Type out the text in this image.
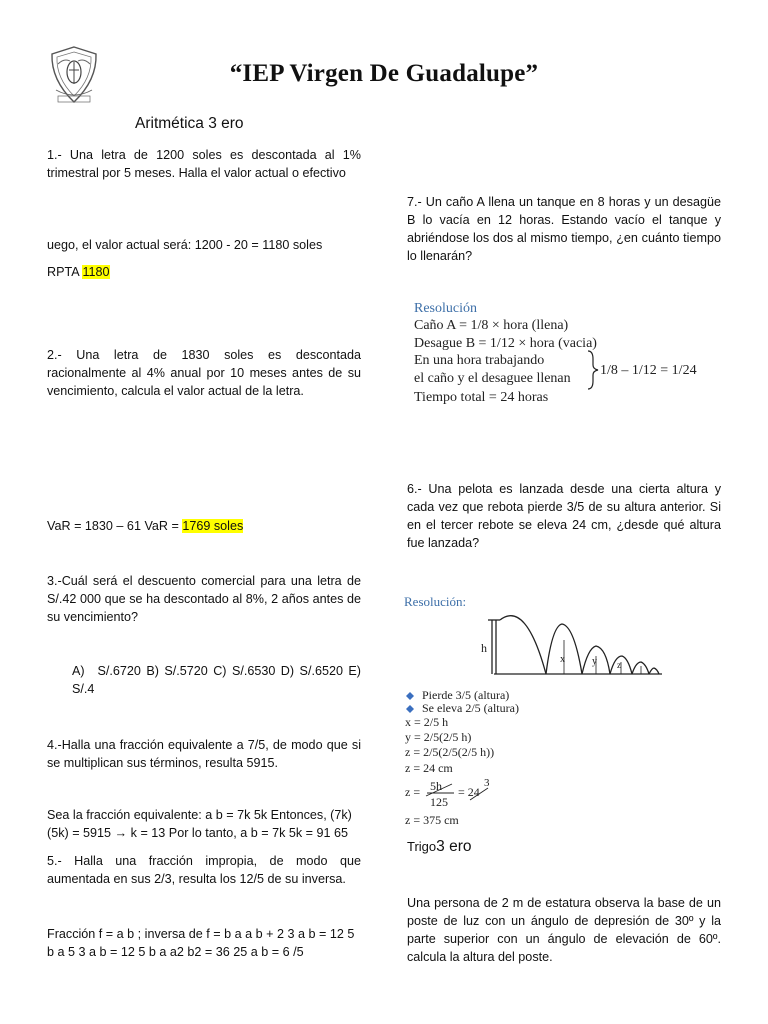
“IEP Virgen De Guadalupe”
Aritmética 3 ero
1.- Una letra de 1200 soles es descontada al 1% trimestral por 5 meses. Halla el valor actual o efectivo
uego, el valor actual será: 1200 - 20 = 1180 soles
RPTA 1180
2.- Una letra de 1830 soles es descontada racionalmente al 4% anual por 10 meses antes de su vencimiento, calcula el valor actual de la letra.
VaR = 1830 – 61 VaR = 1769 soles
3.-Cuál será el descuento comercial para una letra de S/.42 000 que se ha descontado al 8%, 2 años antes de su vencimiento?
A) S/.6720 B) S/.5720 C) S/.6530 D) S/.6520 E) S/.4
4.-Halla una fracción equivalente a 7/5, de modo que si se multiplican sus términos, resulta 5915.
Sea la fracción equivalente: a b = 7k 5k Entonces, (7k)(5k) = 5915 → k = 13 Por lo tanto, a b = 7k 5k = 91 65
5.- Halla una fracción impropia, de modo que aumentada en sus 2/3, resulta los 12/5 de su inversa.
Fracción f = a b ; inversa de f = b a a b + 2 3 a b = 12 5 b a 5 3 a b = 12 5 b a a2 b2 = 36 25 a b = 6 /5
7.- Un caño A llena un tanque en 8 horas y un desagüe B lo vacía en 12 horas. Estando vacío el tanque y abriéndose los dos al mismo tiempo, ¿en cuánto tiempo lo llenarán?
Resolución
Caño A = 1/8 × hora (llena)
Desague B = 1/12 × hora (vacia)
En una hora trabajando
el caño y el desaguee llenan
1/8 – 1/12 = 1/24
Tiempo total = 24 horas
6.- Una pelota es lanzada desde una cierta altura y cada vez que rebota pierde 3/5 de su altura anterior. Si en el tercer rebote se eleva 24 cm, ¿desde qué altura fue lanzada?
Resolución:
h
x	y z
Pierde 3/5 (altura)
Se eleva 2/5 (altura)
x = 2/5 h
y = 2/5(2/5 h)
z = 2/5(2/5(2/5 h))
z = 24 cm
z = 5h
125
= 24
3
z = 375 cm
Trigo3 ero
Una persona de 2 m de estatura observa la base de un poste de luz con un ángulo de depresión de 30º y la parte superior con un ángulo de elevación de 60º. calcula la altura del poste.
